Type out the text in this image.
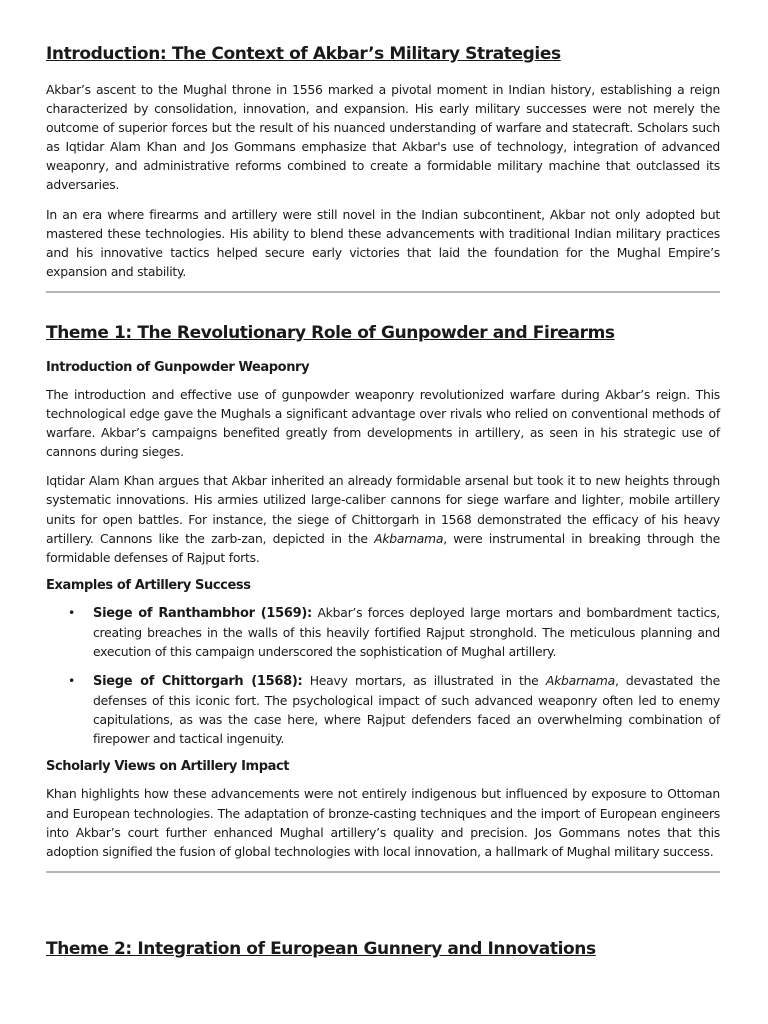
Introduction: The Context of Akbar’s Military Strategies

Akbar’s ascent to the Mughal throne in 1556 marked a pivotal moment in Indian history, establishing a reign characterized by consolidation, innovation, and expansion. His early military successes were not merely the outcome of superior forces but the result of his nuanced understanding of warfare and statecraft. Scholars such as Iqtidar Alam Khan and Jos Gommans emphasize that Akbar's use of technology, integration of advanced weaponry, and administrative reforms combined to create a formidable military machine that outclassed its adversaries.

In an era where firearms and artillery were still novel in the Indian subcontinent, Akbar not only adopted but mastered these technologies. His ability to blend these advancements with traditional Indian military practices and his innovative tactics helped secure early victories that laid the foundation for the Mughal Empire’s expansion and stability.

Theme 1: The Revolutionary Role of Gunpowder and Firearms
Introduction of Gunpowder Weaponry

The introduction and effective use of gunpowder weaponry revolutionized warfare during Akbar’s reign. This technological edge gave the Mughals a significant advantage over rivals who relied on conventional methods of warfare. Akbar’s campaigns benefited greatly from developments in artillery, as seen in his strategic use of cannons during sieges.

Iqtidar Alam Khan argues that Akbar inherited an already formidable arsenal but took it to new heights through systematic innovations. His armies utilized large-caliber cannons for siege warfare and lighter, mobile artillery units for open battles. For instance, the siege of Chittorgarh in 1568 demonstrated the efficacy of his heavy artillery. Cannons like the zarb-zan, depicted in the Akbarnama, were instrumental in breaking through the formidable defenses of Rajput forts.

Examples of Artillery Success
• Siege of Ranthambhor (1569): Akbar’s forces deployed large mortars and bombardment tactics, creating breaches in the walls of this heavily fortified Rajput stronghold. The meticulous planning and execution of this campaign underscored the sophistication of Mughal artillery.
• Siege of Chittorgarh (1568): Heavy mortars, as illustrated in the Akbarnama, devastated the defenses of this iconic fort. The psychological impact of such advanced weaponry often led to enemy capitulations, as was the case here, where Rajput defenders faced an overwhelming combination of firepower and tactical ingenuity.
Scholarly Views on Artillery Impact

Khan highlights how these advancements were not entirely indigenous but influenced by exposure to Ottoman and European technologies. The adaptation of bronze-casting techniques and the import of European engineers into Akbar’s court further enhanced Mughal artillery’s quality and precision. Jos Gommans notes that this adoption signified the fusion of global technologies with local innovation, a hallmark of Mughal military success.

Theme 2: Integration of European Gunnery and Innovations
